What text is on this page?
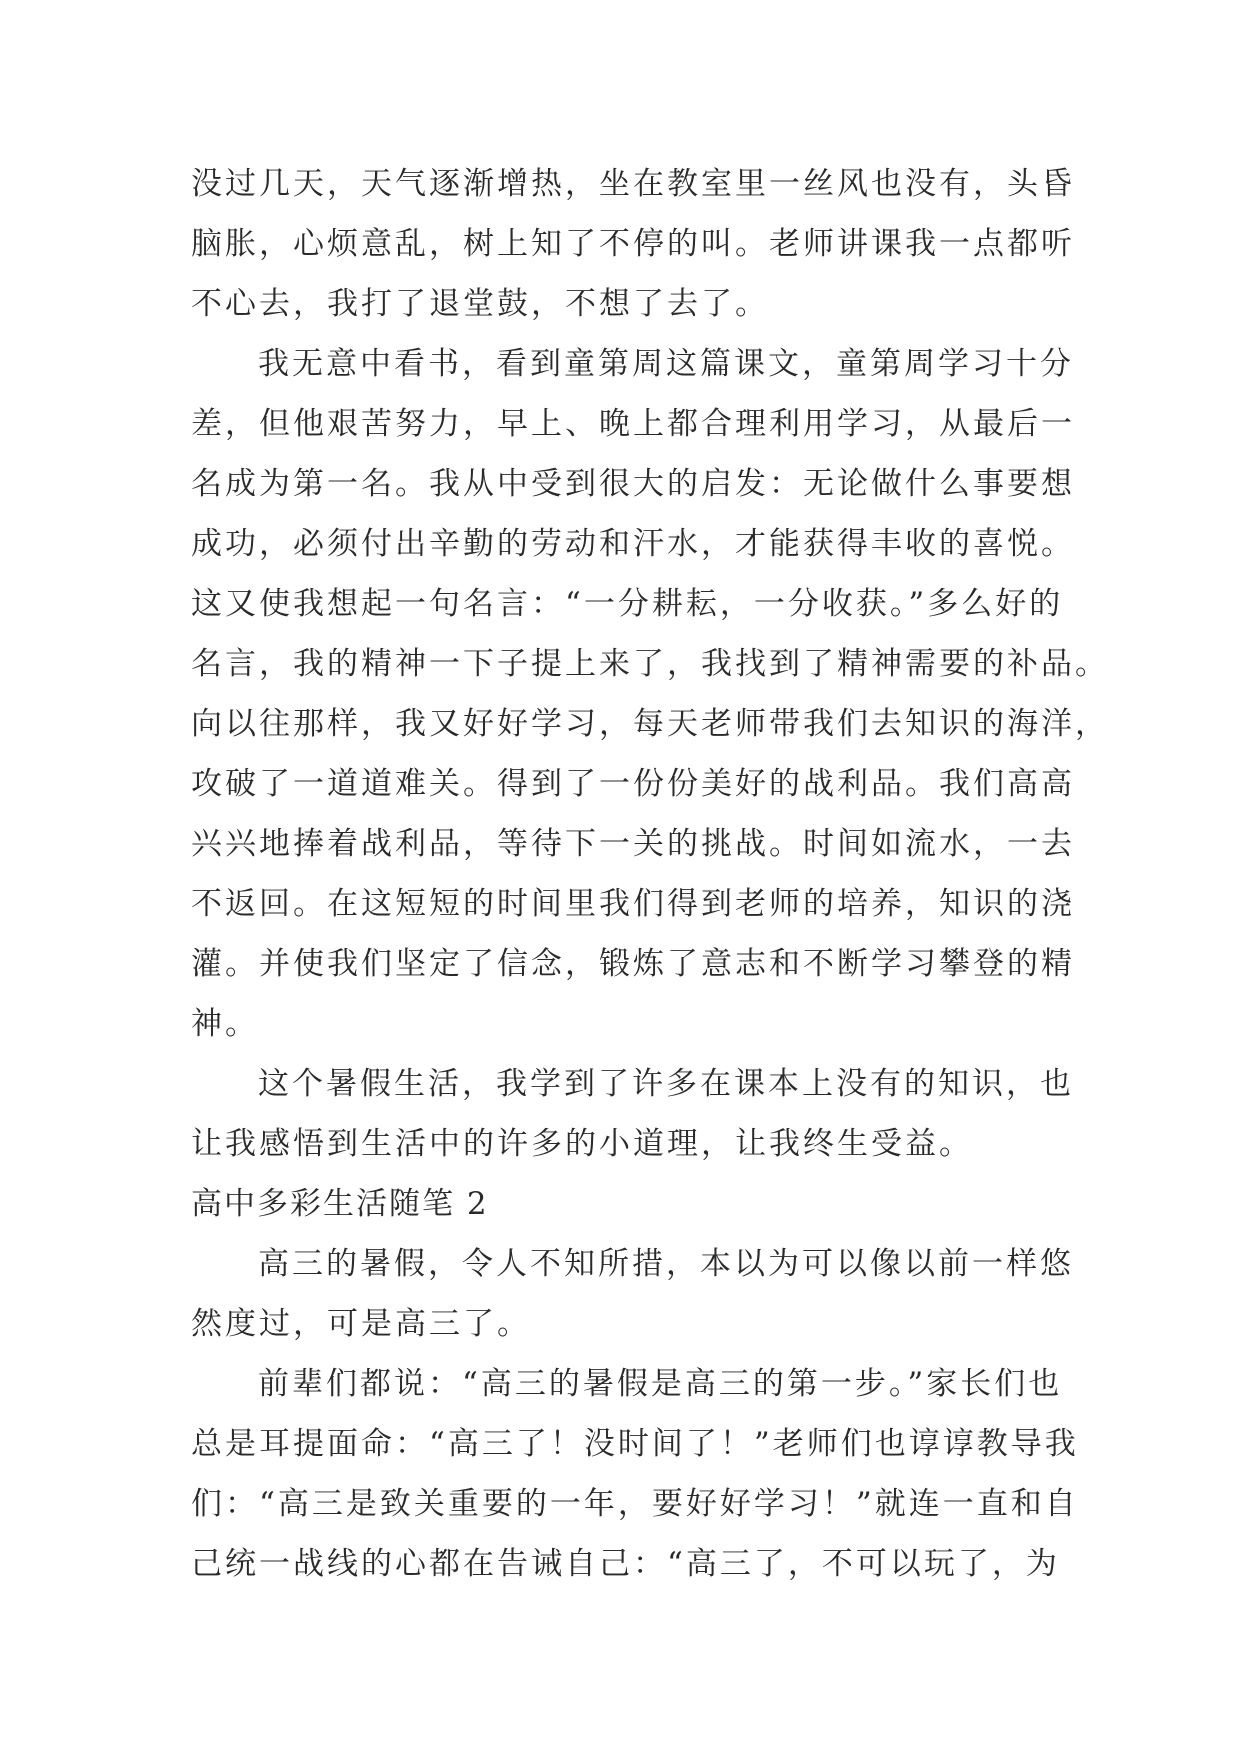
没过几天，天气逐渐增热，坐在教室里一丝风也没有，头昏
脑胀，心烦意乱，树上知了不停的叫。老师讲课我一点都听
不心去，我打了退堂鼓，不想了去了。

我无意中看书，看到童第周这篇课文，童第周学习十分
差，但他艰苦努力，早上、晚上都合理利用学习，从最后一
名成为第一名。我从中受到很大的启发：无论做什么事要想
成功，必须付出辛勤的劳动和汗水，才能获得丰收的喜悦。
这又使我想起一句名言：“一分耕耘，一分收获。”多么好的
名言，我的精神一下子提上来了，我找到了精神需要的补品。
向以往那样，我又好好学习，每天老师带我们去知识的海洋，
攻破了一道道难关。得到了一份份美好的战利品。我们高高
兴兴地捧着战利品，等待下一关的挑战。时间如流水，一去
不返回。在这短短的时间里我们得到老师的培养，知识的浇
灌。并使我们坚定了信念，锻炼了意志和不断学习攀登的精
神。

这个暑假生活，我学到了许多在课本上没有的知识，也
让我感悟到生活中的许多的小道理，让我终生受益。

高中多彩生活随笔 2

高三的暑假，令人不知所措，本以为可以像以前一样悠
然度过，可是高三了。

前辈们都说：“高三的暑假是高三的第一步。”家长们也
总是耳提面命：“高三了！没时间了！”老师们也谆谆教导我
们：“高三是致关重要的一年，要好好学习！”就连一直和自
己统一战线的心都在告诫自己：“高三了，不可以玩了，为
